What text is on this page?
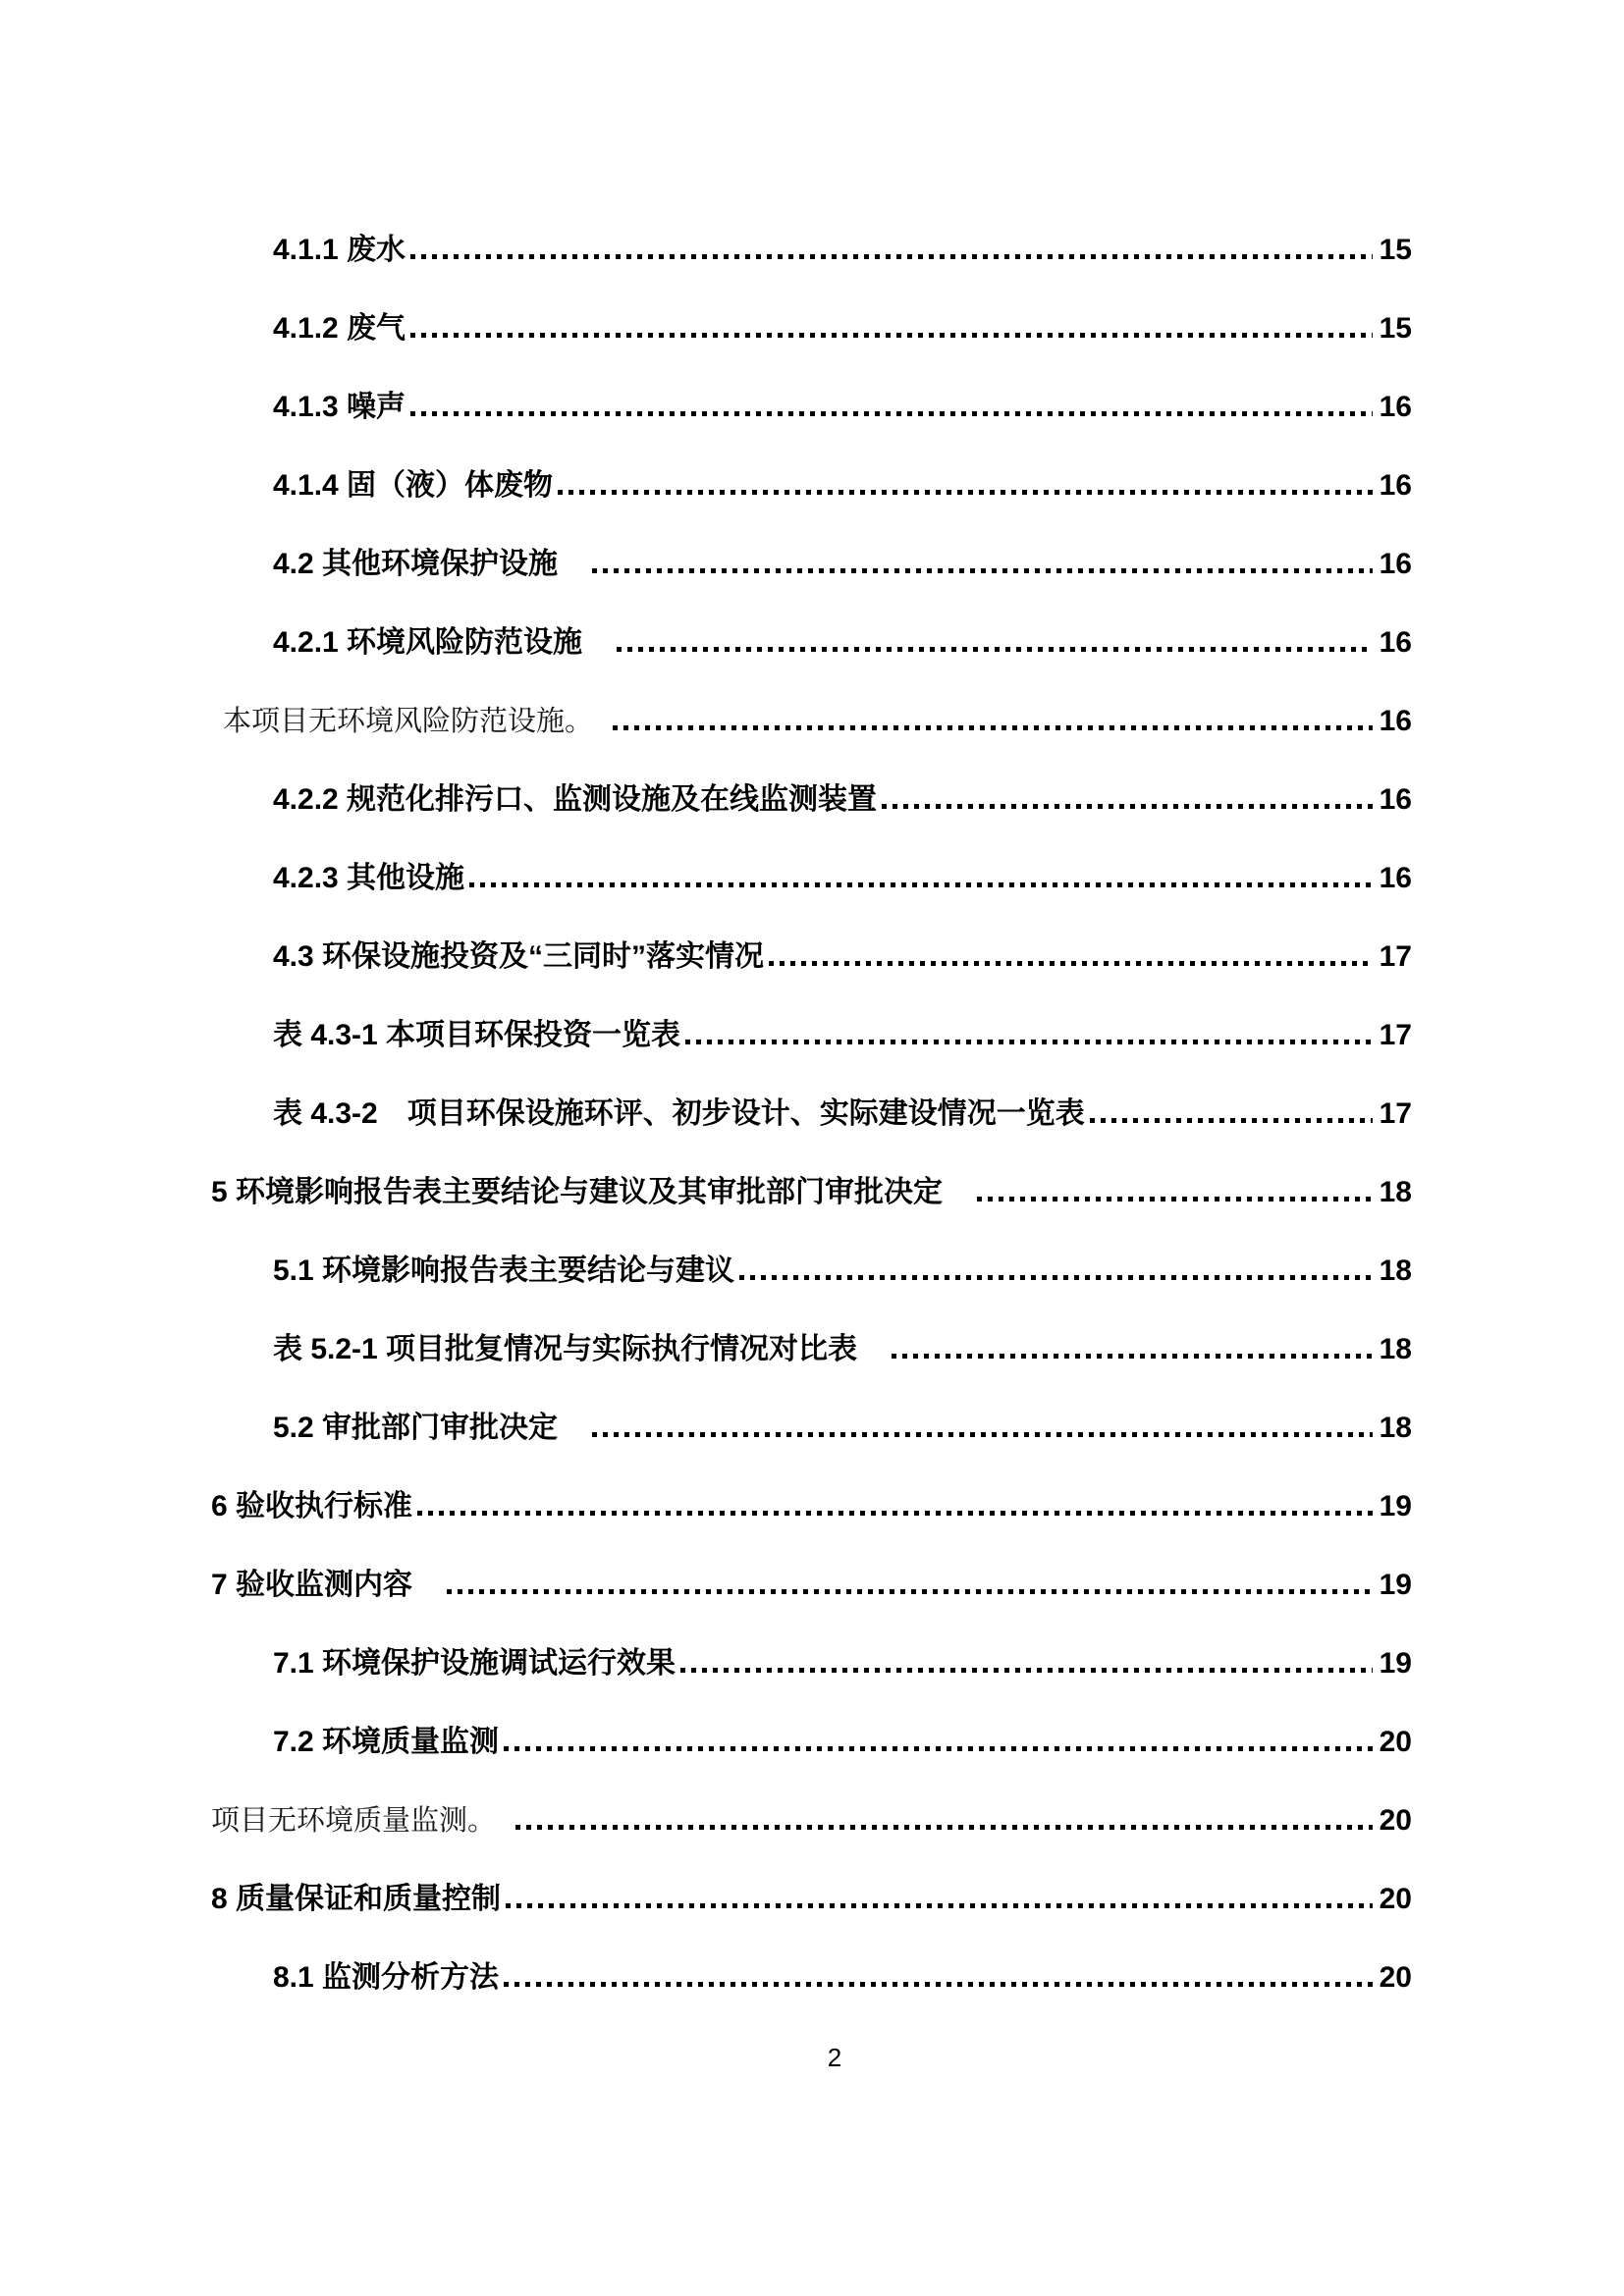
4.1.1 废水	15
4.1.2 废气	15
4.1.3 噪声	16
4.1.4 固（液）体废物	16
4.2 其他环境保护设施　	16
4.2.1 环境风险防范设施　	16
本项目无环境风险防范设施。　	16
4.2.2 规范化排污口、监测设施及在线监测装置	16
4.2.3 其他设施	16
4.3 环保设施投资及“三同时”落实情况	17
表 4.3-1 本项目环保投资一览表	17
表 4.3-2　项目环保设施环评、初步设计、实际建设情况一览表	17
5 环境影响报告表主要结论与建议及其审批部门审批决定　	18
5.1 环境影响报告表主要结论与建议	18
表 5.2-1 项目批复情况与实际执行情况对比表　	18
5.2 审批部门审批决定　	18
6 验收执行标准	19
7 验收监测内容　	19
7.1 环境保护设施调试运行效果	19
7.2 环境质量监测	20
项目无环境质量监测。　	20
8 质量保证和质量控制	20
8.1 监测分析方法	20
2
